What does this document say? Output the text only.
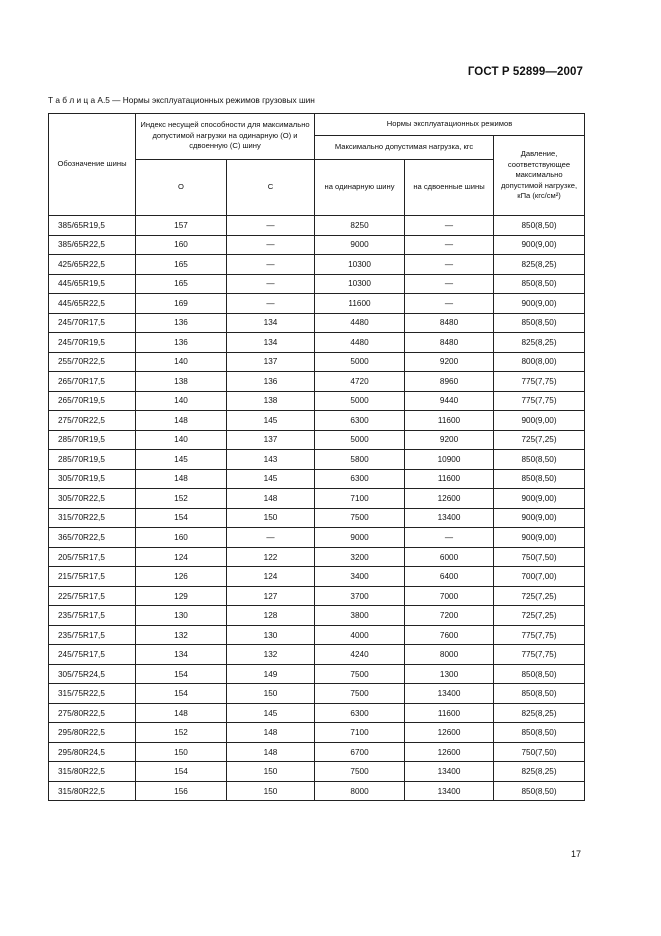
ГОСТ Р 52899—2007
Т а б л и ц а А.5 — Нормы эксплуатационных режимов грузовых шин
Обозначение шины	Индекс несущей способности для максимально допустимой нагрузки на одинарную (О) и сдвоенную (С) шину		Нормы эксплуатационных режимов		
			Максимально допустимая нагрузка, кгс		Давление, соответствующее максимально допустимой нагрузке, кПа (кгс/см²)
	О	С	на одинарную шину	на сдвоенные шины	
385/65R19,5	157	—	8250	—	850(8,50)
385/65R22,5	160	—	9000	—	900(9,00)
425/65R22,5	165	—	10300	—	825(8,25)
445/65R19,5	165	—	10300	—	850(8,50)
445/65R22,5	169	—	11600	—	900(9,00)
245/70R17,5	136	134	4480	8480	850(8,50)
245/70R19,5	136	134	4480	8480	825(8,25)
255/70R22,5	140	137	5000	9200	800(8,00)
265/70R17,5	138	136	4720	8960	775(7,75)
265/70R19,5	140	138	5000	9440	775(7,75)
275/70R22,5	148	145	6300	11600	900(9,00)
285/70R19,5	140	137	5000	9200	725(7,25)
285/70R19,5	145	143	5800	10900	850(8,50)
305/70R19,5	148	145	6300	11600	850(8,50)
305/70R22,5	152	148	7100	12600	900(9,00)
315/70R22,5	154	150	7500	13400	900(9,00)
365/70R22,5	160	—	9000	—	900(9,00)
205/75R17,5	124	122	3200	6000	750(7,50)
215/75R17,5	126	124	3400	6400	700(7,00)
225/75R17,5	129	127	3700	7000	725(7,25)
235/75R17,5	130	128	3800	7200	725(7,25)
235/75R17,5	132	130	4000	7600	775(7,75)
245/75R17,5	134	132	4240	8000	775(7,75)
305/75R24,5	154	149	7500	1300	850(8,50)
315/75R22,5	154	150	7500	13400	850(8,50)
275/80R22,5	148	145	6300	11600	825(8,25)
295/80R22,5	152	148	7100	12600	850(8,50)
295/80R24,5	150	148	6700	12600	750(7,50)
315/80R22,5	154	150	7500	13400	825(8,25)
315/80R22,5	156	150	8000	13400	850(8,50)
17
